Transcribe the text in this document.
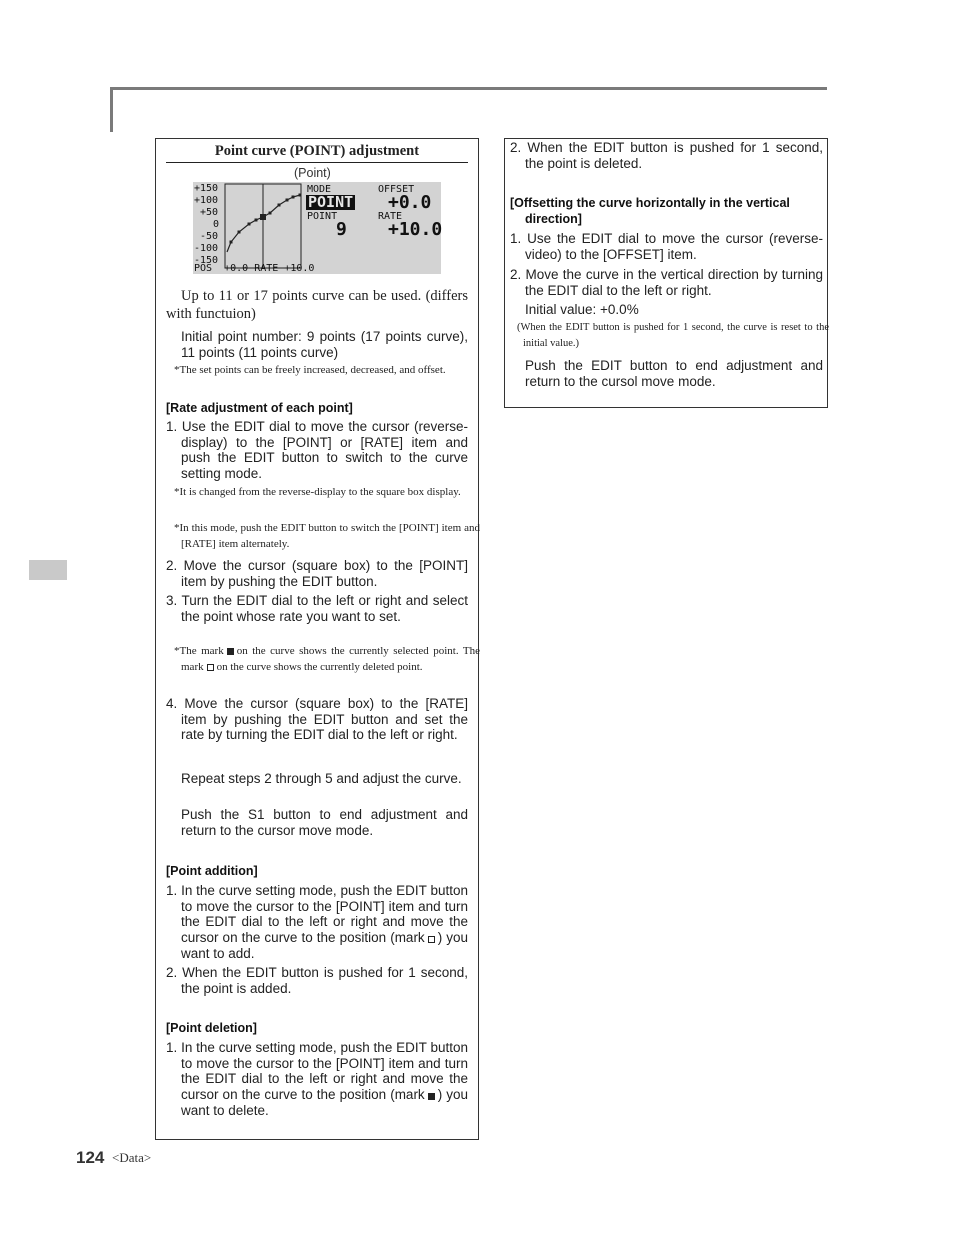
Point curve (POINT) adjustment
(Point)
+150
+100
+50
0
-50
-100
-150
MODE
POINT
OFFSET
+0.0
POINT
9
RATE
+10.0
POS  +0.0 RATE +10.0

Up to 11 or 17 points curve can be used. (differs with functuion)

Initial point number: 9 points (17 points curve), 11 points (11 points curve)

*The set points can be freely increased, decreased, and offset.

[Rate adjustment of each point]

1. Use the EDIT dial to move the cursor (reverse-display) to the [POINT] or [RATE] item and push the EDIT button to switch to the curve setting mode.

*It is changed from the reverse-display to the square box display.

*In this mode, push the EDIT button to switch the [POINT] item and [RATE] item alternately.

2. Move the cursor (square box) to the [POINT] item by pushing the EDIT button.

3. Turn the EDIT dial to the left or right and select the point whose rate you want to set.

*The mark on the curve shows the currently selected point. The mark on the curve shows the currently deleted point.

4. Move the cursor (square box) to the [RATE] item by pushing the EDIT button and set the rate by turning the EDIT dial to the left or right.

Repeat steps 2 through 5 and adjust the curve.

Push the S1 button to end adjustment and return to the cursor move mode.

[Point addition]

1. In the curve setting mode, push the EDIT button to move the cursor to the [POINT] item and turn the EDIT dial to the left or right and move the cursor on the curve to the position (mark ) you want to add.

2. When the EDIT button is pushed for 1 second, the point is added.

[Point deletion]

1. In the curve setting mode, push the EDIT button to move the cursor to the [POINT] item and turn the EDIT dial to the left or right and move the cursor on the curve to the position (mark ) you want to delete.

2. When the EDIT button is pushed for 1 second, the point is deleted.

[Offsetting the curve horizontally in the vertical direction]

1. Use the EDIT dial to move the cursor (reverse-video) to the [OFFSET] item.

2. Move the curve in the vertical direction by turning the EDIT dial to the left or right.

Initial value: +0.0%

(When the EDIT button is pushed for 1 second, the curve is reset to the initial value.)

Push the EDIT button to end adjustment and return to the cursol move mode.

124 <Data>
